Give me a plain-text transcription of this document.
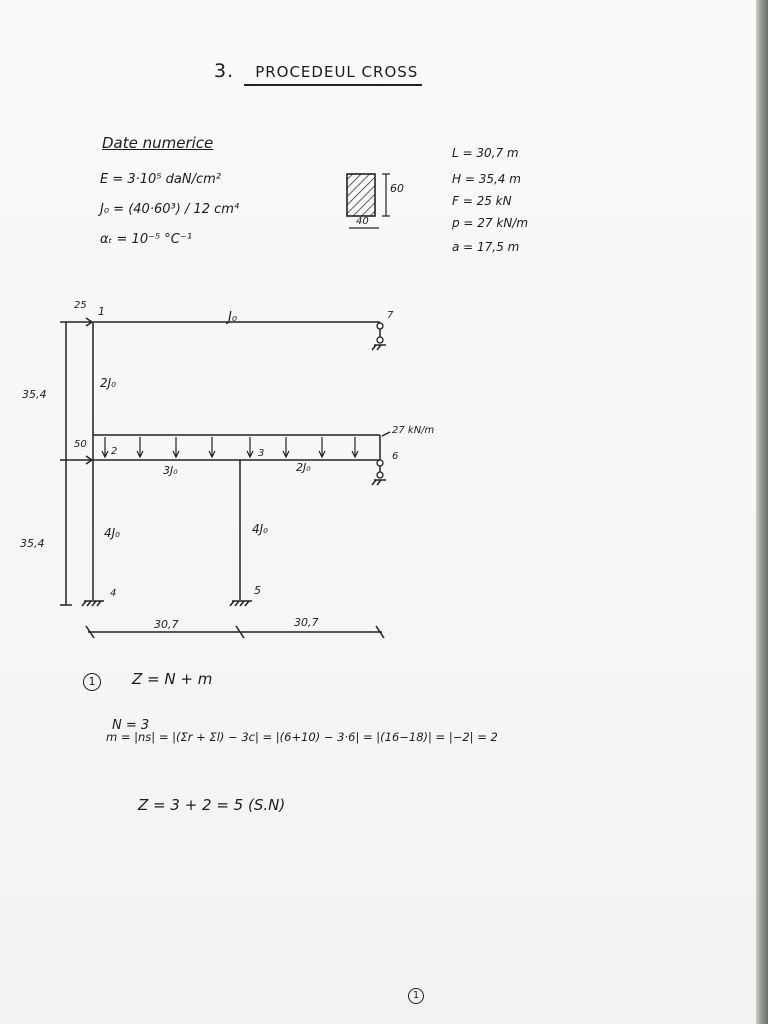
3. PROCEDEUL CROSS
Date numerice
E = 3·10⁵ daN/cm²
J₀ = (40·60³) / 12 cm⁴
αₜ = 10⁻⁵ °C⁻¹
60
40
L = 30,7 m
H = 35,4 m
F = 25 kN
p = 27 kN/m
a = 17,5 m
35,4
35,4
30,7	30,7
1
2	3
4	5
6
7
25
50
27 kN/m
J₀
2J₀
3J₀	2J₀
4J₀	4J₀
1	Z = N + m
N = 3
m = |ns| = |(Σr + Σl) − 3c| = |(6+10) − 3·6| = |(16−18)| = |−2| = 2
Z = 3 + 2 = 5 (S.N)
1
